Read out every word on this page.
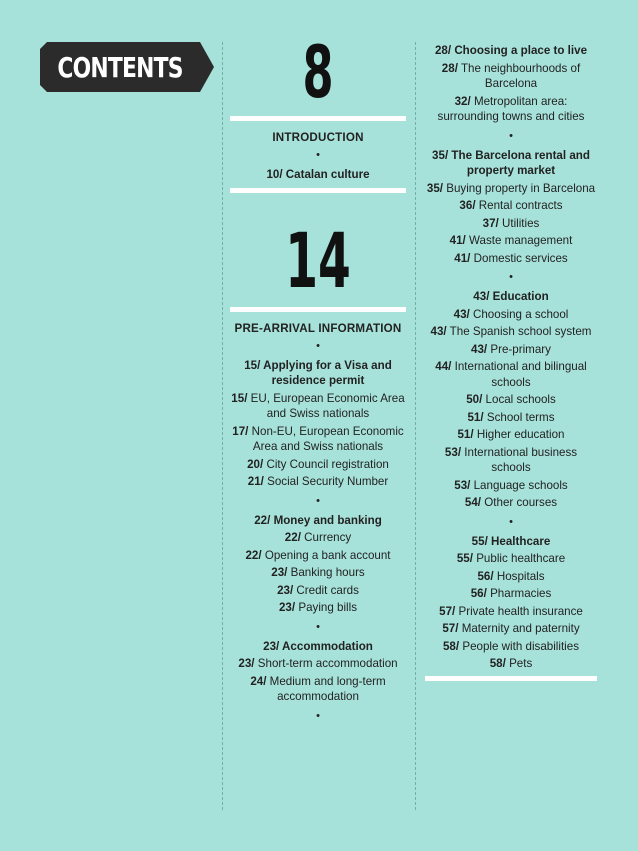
CONTENTS	8
INTRODUCTION
•
10/ Catalan culture
14
PRE-ARRIVAL INFORMATION
•
15/ Applying for a Visa and residence permit
15/ EU, European Economic Area and Swiss nationals
17/ Non-EU, European Economic Area and Swiss nationals
20/ City Council registration
21/ Social Security Number
•
22/ Money and banking
22/ Currency
22/ Opening a bank account
23/ Banking hours
23/ Credit cards
23/ Paying bills
•
23/ Accommodation
23/ Short-term accommodation
24/ Medium and long-term accommodation
•
28/ Choosing a place to live
28/ The neighbourhoods of Barcelona
32/ Metropolitan area: surrounding towns and cities
•
35/ The Barcelona rental and property market
35/ Buying property in Barcelona
36/ Rental contracts
37/ Utilities
41/ Waste management
41/ Domestic services
•
43/ Education
43/ Choosing a school
43/ The Spanish school system
43/ Pre-primary
44/ International and bilingual schools
50/ Local schools
51/ School terms
51/ Higher education
53/ International business schools
53/ Language schools
54/ Other courses
•
55/ Healthcare
55/ Public healthcare
56/ Hospitals
56/ Pharmacies
57/ Private health insurance
57/ Maternity and paternity
58/ People with disabilities
58/ Pets
